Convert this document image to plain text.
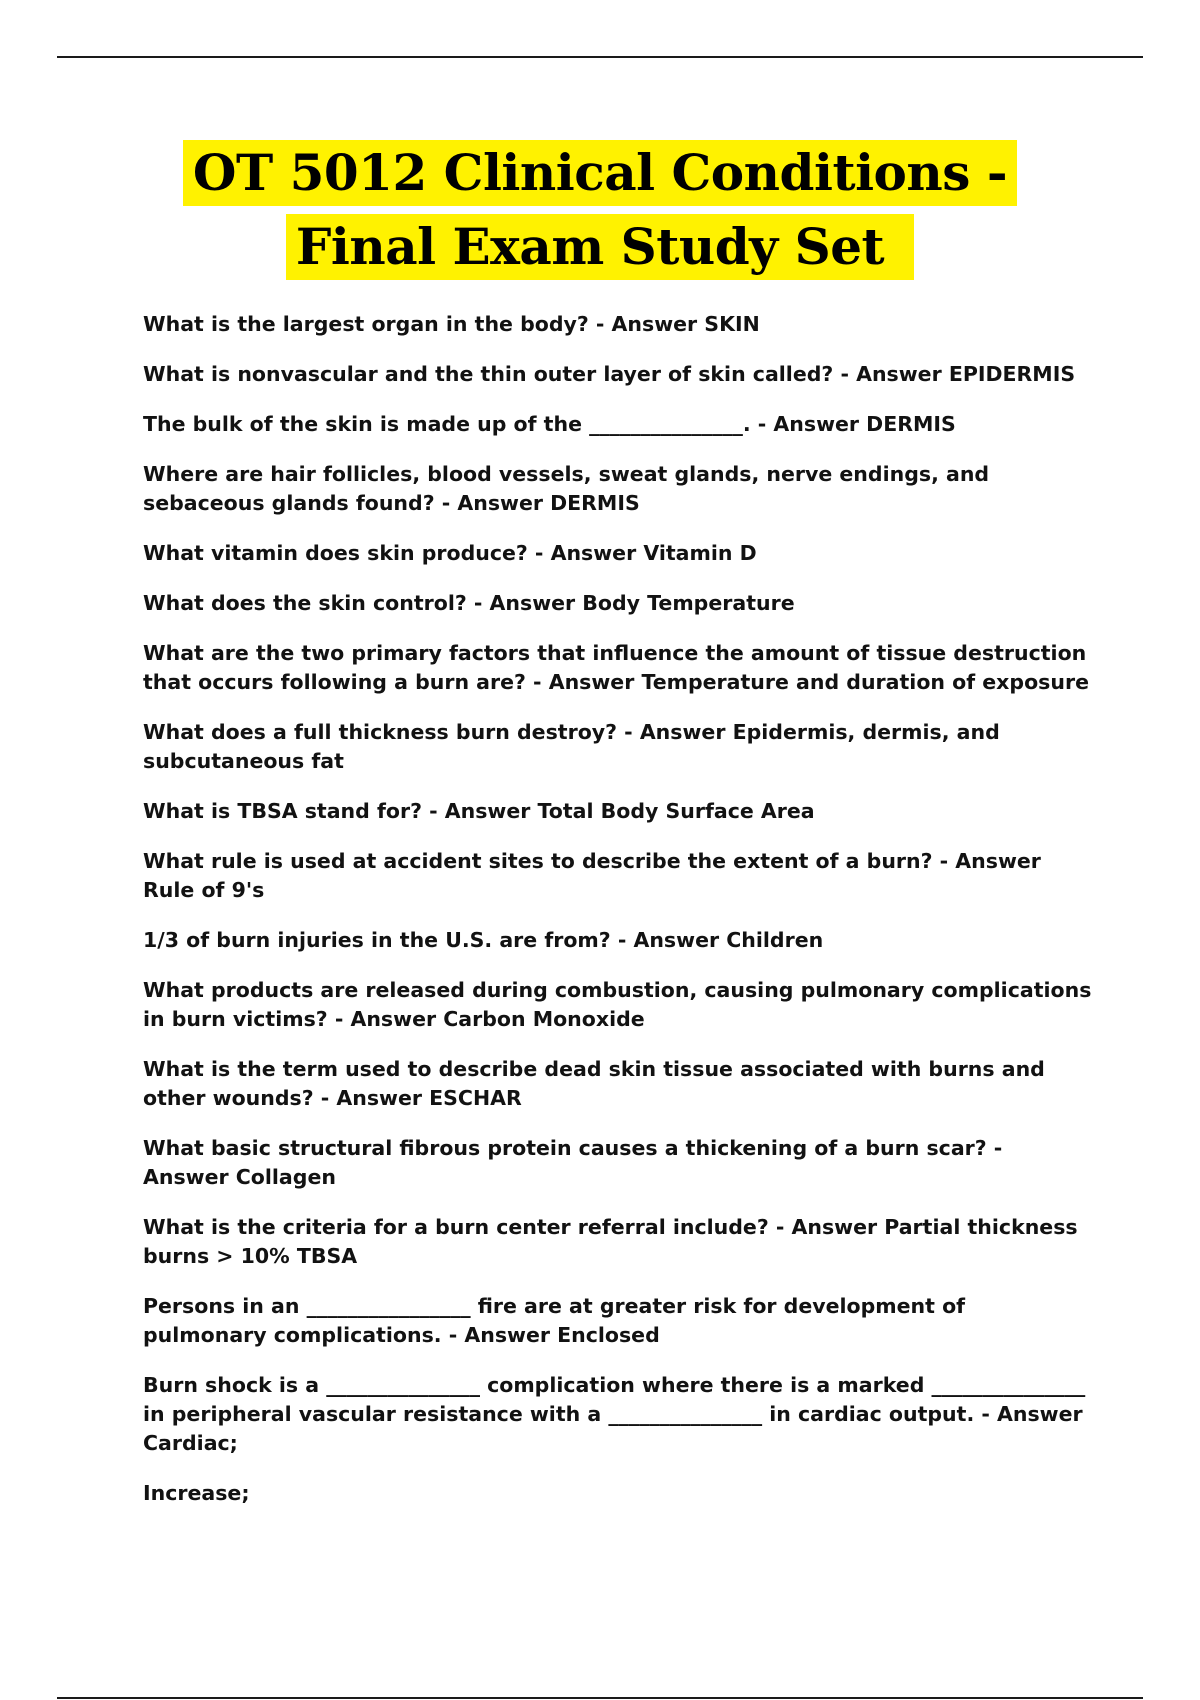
OT 5012 Clinical Conditions -
Final Exam Study Set

What is the largest organ in the body? - Answer SKIN

What is nonvascular and the thin outer layer of skin called? - Answer EPIDERMIS

The bulk of the skin is made up of the _______________. - Answer DERMIS

Where are hair follicles, blood vessels, sweat glands, nerve endings, and sebaceous glands found? - Answer DERMIS

What vitamin does skin produce? - Answer Vitamin D

What does the skin control? - Answer Body Temperature

What are the two primary factors that influence the amount of tissue destruction that occurs following a burn are? - Answer Temperature and duration of exposure

What does a full thickness burn destroy? - Answer Epidermis, dermis, and subcutaneous fat

What is TBSA stand for? - Answer Total Body Surface Area

What rule is used at accident sites to describe the extent of a burn? - Answer Rule of 9's

1/3 of burn injuries in the U.S. are from? - Answer Children

What products are released during combustion, causing pulmonary complications in burn victims? - Answer Carbon Monoxide

What is the term used to describe dead skin tissue associated with burns and other wounds? - Answer ESCHAR

What basic structural fibrous protein causes a thickening of a burn scar? - Answer Collagen

What is the criteria for a burn center referral include? - Answer Partial thickness burns > 10% TBSA

Persons in an ________________ fire are at greater risk for development of pulmonary complications. - Answer Enclosed

Burn shock is a _______________ complication where there is a marked _______________ in peripheral vascular resistance with a _______________ in cardiac output. - Answer Cardiac;

Increase;
